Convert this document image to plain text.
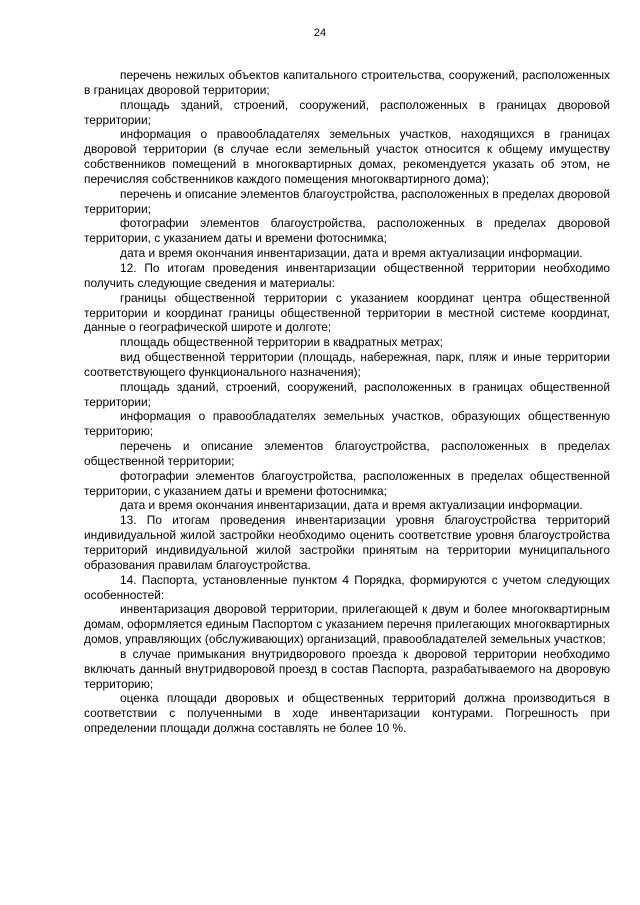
24

перечень нежилых объектов капитального строительства, сооружений, расположенных в границах дворовой территории;

площадь зданий, строений, сооружений, расположенных в границах дворовой территории;

информация о правообладателях земельных участков, находящихся в границах дворовой территории (в случае если земельный участок относится к общему имуществу собственников помещений в многоквартирных домах, рекомендуется указать об этом, не перечисляя собственников каждого помещения многоквартирного дома);

перечень и описание элементов благоустройства, расположенных в пределах дворовой территории;

фотографии элементов благоустройства, расположенных в пределах дворовой территории, с указанием даты и времени фотоснимка;

дата и время окончания инвентаризации, дата и время актуализации информации.

12. По итогам проведения инвентаризации общественной территории необходимо получить следующие сведения и материалы:

границы общественной территории с указанием координат центра общественной территории и координат границы общественной территории в местной системе координат, данные о географической широте и долготе;

площадь общественной территории в квадратных метрах;

вид общественной территории (площадь, набережная, парк, пляж и иные территории соответствующего функционального назначения);

площадь зданий, строений, сооружений, расположенных в границах общественной территории;

информация о правообладателях земельных участков, образующих общественную территорию;

перечень и описание элементов благоустройства, расположенных в пределах общественной территории;

фотографии элементов благоустройства, расположенных в пределах общественной территории, с указанием даты и времени фотоснимка;

дата и время окончания инвентаризации, дата и время актуализации информации.

13. По итогам проведения инвентаризации уровня благоустройства территорий индивидуальной жилой застройки необходимо оценить соответствие уровня благоустройства территорий индивидуальной жилой застройки принятым на территории муниципального образования правилам благоустройства.

14. Паспорта, установленные пунктом 4 Порядка, формируются с учетом следующих особенностей:

инвентаризация дворовой территории, прилегающей к двум и более многоквартирным домам, оформляется единым Паспортом с указанием перечня прилегающих многоквартирных домов, управляющих (обслуживающих) организаций, правообладателей земельных участков;

в случае примыкания внутридворового проезда к дворовой территории необходимо включать данный внутридворовой проезд в состав Паспорта, разрабатываемого на дворовую территорию;

оценка площади дворовых и общественных территорий должна производиться в соответствии с полученными в ходе инвентаризации контурами. Погрешность при определении площади должна составлять не более 10 %.
